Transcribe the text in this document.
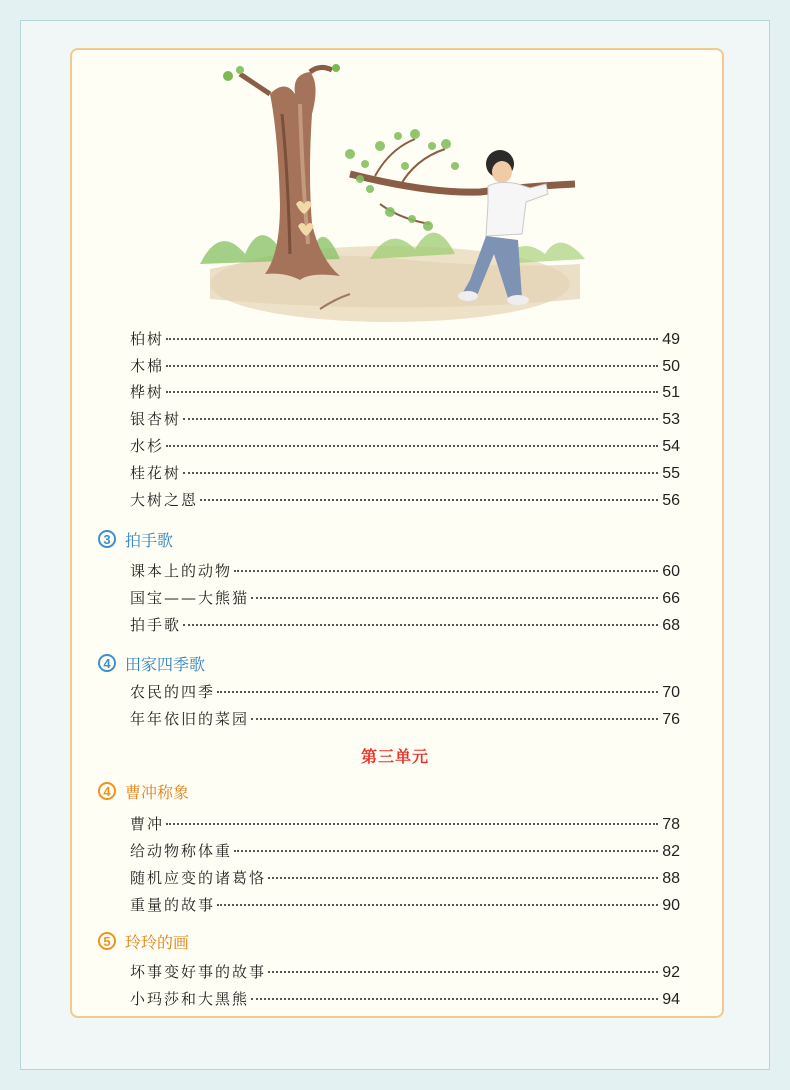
柏树	49
木棉	50
桦树	51
银杏树	53
水杉	54
桂花树	55
大树之恩	56
3 拍手歌
课本上的动物	60
国宝——大熊猫	66
拍手歌	68
4 田家四季歌
农民的四季	70
年年依旧的菜园	76
第三单元
4 曹冲称象
曹冲	78
给动物称体重	82
随机应变的诸葛恪	88
重量的故事	90
5 玲玲的画
坏事变好事的故事	92
小玛莎和大黑熊	94
